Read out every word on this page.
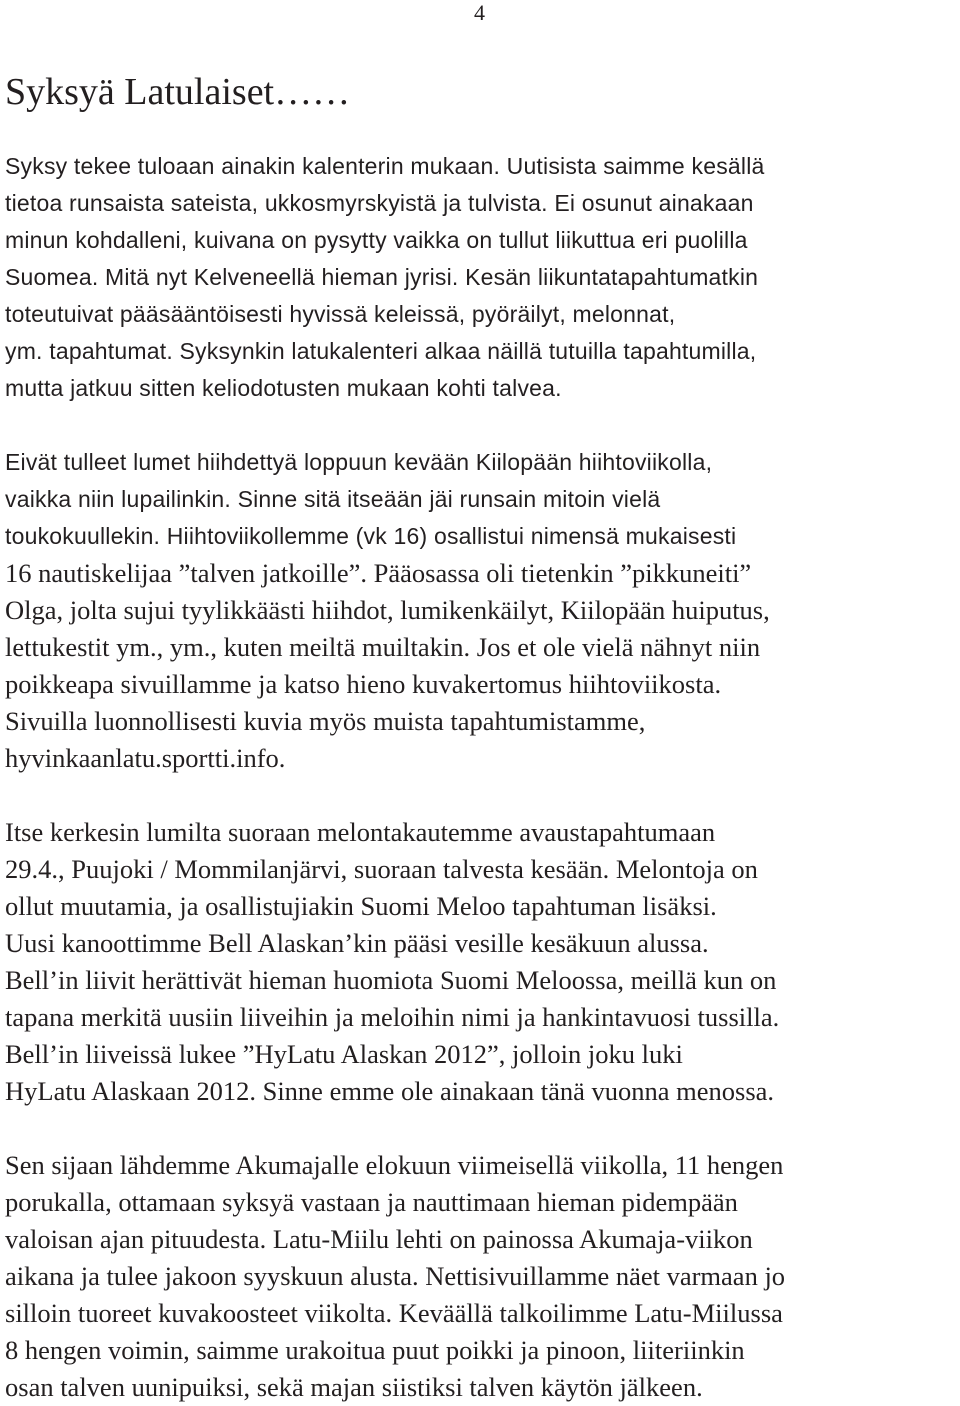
4
Syksyä Latulaiset……

Syksy tekee tuloaan ainakin kalenterin mukaan. Uutisista saimme kesällä
tietoa runsaista sateista, ukkosmyrskyistä ja tulvista. Ei osunut ainakaan
minun kohdalleni, kuivana on pysytty vaikka on tullut liikuttua eri puolilla
Suomea. Mitä nyt Kelveneellä hieman jyrisi. Kesän liikuntatapahtumatkin
toteutuivat pääsääntöisesti hyvissä keleissä, pyöräilyt, melonnat,
ym. tapahtumat. Syksynkin latukalenteri alkaa näillä tutuilla tapahtumilla,
mutta jatkuu sitten keliodotusten mukaan kohti talvea.

Eivät tulleet lumet hiihdettyä loppuun kevään Kiilopään hiihtoviikolla,
vaikka niin lupailinkin. Sinne sitä itseään jäi runsain mitoin vielä
toukokuullekin. Hiihtoviikollemme (vk 16) osallistui nimensä mukaisesti
16 nautiskelijaa ”talven jatkoille”. Pääosassa oli tietenkin ”pikkuneiti”
Olga, jolta sujui tyylikkäästi hiihdot, lumikenkäilyt, Kiilopään huiputus,
lettukestit ym., ym., kuten meiltä muiltakin. Jos et ole vielä nähnyt niin
poikkeapa sivuillamme ja katso hieno kuvakertomus hiihtoviikosta.
Sivuilla luonnollisesti kuvia myös muista tapahtumistamme,
hyvinkaanlatu.sportti.info.

Itse kerkesin lumilta suoraan melontakautemme avaustapahtumaan
29.4., Puujoki / Mommilanjärvi, suoraan talvesta kesään. Melontoja on
ollut muutamia, ja osallistujiakin Suomi Meloo tapahtuman lisäksi.
Uusi kanoottimme Bell Alaskan’kin pääsi vesille kesäkuun alussa.
Bell’in liivit herättivät hieman huomiota Suomi Meloossa, meillä kun on
tapana merkitä uusiin liiveihin ja meloihin nimi ja hankintavuosi tussilla.
Bell’in liiveissä lukee ”HyLatu Alaskan 2012”, jolloin joku luki
HyLatu Alaskaan 2012. Sinne emme ole ainakaan tänä vuonna menossa.

Sen sijaan lähdemme Akumajalle elokuun viimeisellä viikolla, 11 hengen
porukalla, ottamaan syksyä vastaan ja nauttimaan hieman pidempään
valoisan ajan pituudesta. Latu-Miilu lehti on painossa Akumaja-viikon
aikana ja tulee jakoon syyskuun alusta. Nettisivuillamme näet varmaan jo
silloin tuoreet kuvakoosteet viikolta. Keväällä talkoilimme Latu-Miilussa
8 hengen voimin, saimme urakoitua puut poikki ja pinoon, liiteriinkin
osan talven uunipuiksi, sekä majan siistiksi talven käytön jälkeen.
